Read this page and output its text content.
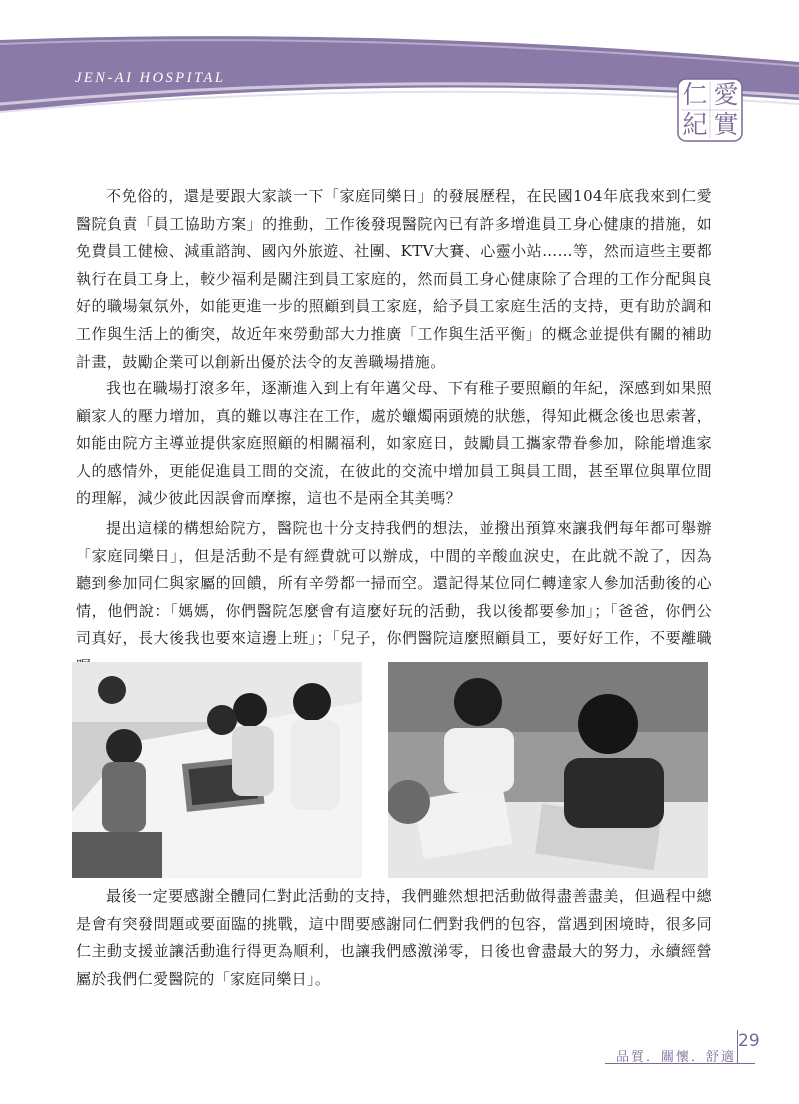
JEN-AI HOSPITAL
仁 愛
紀 實

不免俗的，還是要跟大家談一下「家庭同樂日」的發展歷程，在民國104年底我來到仁愛醫院負責「員工協助方案」的推動，工作後發現醫院內已有許多增進員工身心健康的措施，如免費員工健檢、減重諮詢、國內外旅遊、社團、KTV大賽、心靈小站……等，然而這些主要都執行在員工身上，較少福利是關注到員工家庭的，然而員工身心健康除了合理的工作分配與良好的職場氣氛外，如能更進一步的照顧到員工家庭，給予員工家庭生活的支持，更有助於調和工作與生活上的衝突，故近年來勞動部大力推廣「工作與生活平衡」的概念並提供有關的補助計畫，鼓勵企業可以創新出優於法令的友善職場措施。

我也在職場打滾多年，逐漸進入到上有年邁父母、下有稚子要照顧的年紀，深感到如果照顧家人的壓力增加，真的難以專注在工作，處於蠟燭兩頭燒的狀態，得知此概念後也思索著，如能由院方主導並提供家庭照顧的相關福利，如家庭日，鼓勵員工攜家帶眷參加，除能增進家人的感情外，更能促進員工間的交流，在彼此的交流中增加員工與員工間，甚至單位與單位間的理解，減少彼此因誤會而摩擦，這也不是兩全其美嗎？

提出這樣的構想給院方，醫院也十分支持我們的想法，並撥出預算來讓我們每年都可舉辦「家庭同樂日」，但是活動不是有經費就可以辦成，中間的辛酸血淚史，在此就不說了，因為聽到參加同仁與家屬的回饋，所有辛勞都一掃而空。還記得某位同仁轉達家人參加活動後的心情，他們說：「媽媽，你們醫院怎麼會有這麼好玩的活動，我以後都要參加」；「爸爸，你們公司真好，長大後我也要來這邊上班」；「兒子，你們醫院這麼照顧員工，要好好工作，不要離職

最後一定要感謝全體同仁對此活動的支持，我們雖然想把活動做得盡善盡美，但過程中總是會有突發問題或要面臨的挑戰，這中間要感謝同仁們對我們的包容，當遇到困境時，很多同仁主動支援並讓活動進行得更為順利，也讓我們感激涕零，日後也會盡最大的努力，永續經營屬於我們仁愛醫院的「家庭同樂日」。

品質．關懷．舒適
29
